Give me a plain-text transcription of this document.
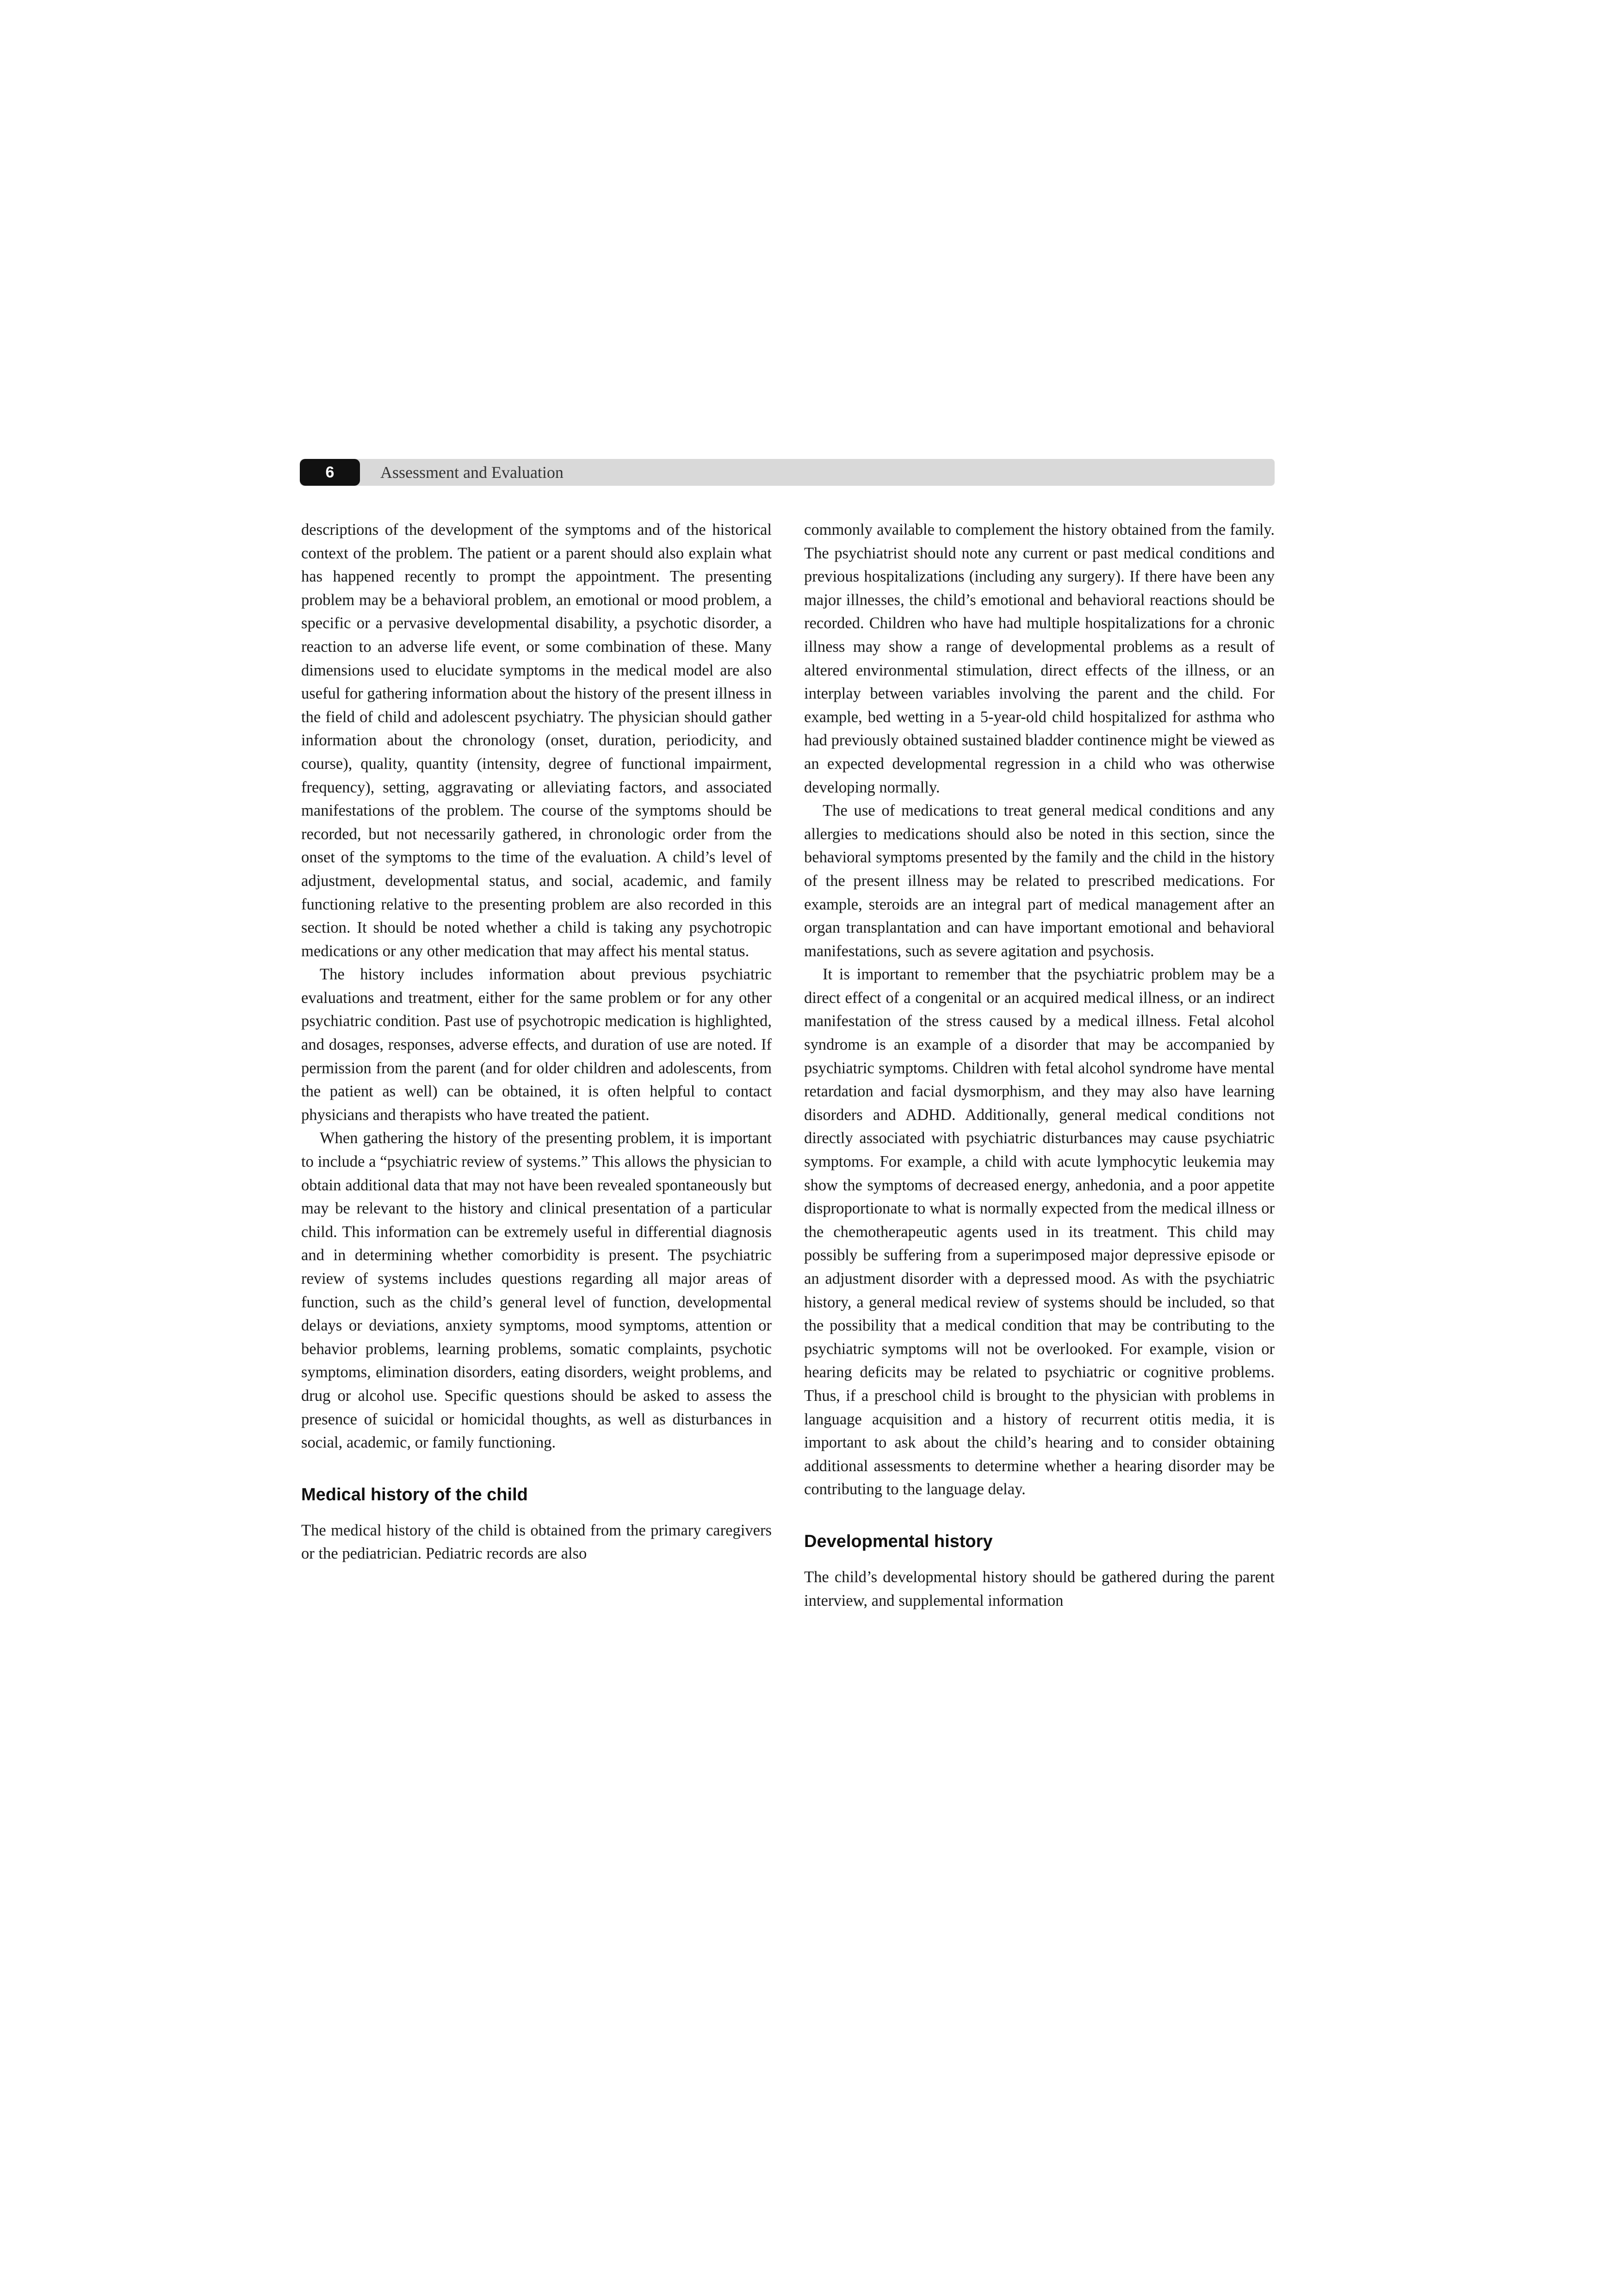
6	Assessment and Evaluation

descriptions of the development of the symptoms and of the historical context of the problem. The patient or a parent should also explain what has happened recently to prompt the appointment. The presenting problem may be a behavioral problem, an emotional or mood problem, a specific or a pervasive developmental disability, a psychotic disorder, a reaction to an adverse life event, or some combination of these. Many dimensions used to elucidate symptoms in the medical model are also useful for gathering information about the history of the present illness in the field of child and adolescent psychiatry. The physician should gather information about the chronology (onset, duration, periodicity, and course), quality, quantity (intensity, degree of functional impairment, frequency), setting, aggravating or alleviating factors, and associated manifestations of the problem. The course of the symptoms should be recorded, but not necessarily gathered, in chronologic order from the onset of the symptoms to the time of the evaluation. A child’s level of adjustment, developmental status, and social, academic, and family functioning relative to the presenting problem are also recorded in this section. It should be noted whether a child is taking any psychotropic medications or any other medication that may affect his mental status.

The history includes information about previous psychiatric evaluations and treatment, either for the same problem or for any other psychiatric condition. Past use of psychotropic medication is highlighted, and dosages, responses, adverse effects, and duration of use are noted. If permission from the parent (and for older children and adolescents, from the patient as well) can be obtained, it is often helpful to contact physicians and therapists who have treated the patient.

When gathering the history of the presenting problem, it is important to include a “psychiatric review of systems.” This allows the physician to obtain additional data that may not have been revealed spontaneously but may be relevant to the history and clinical presentation of a particular child. This information can be extremely useful in differential diagnosis and in determining whether comorbidity is present. The psychiatric review of systems includes questions regarding all major areas of function, such as the child’s general level of function, developmental delays or deviations, anxiety symptoms, mood symptoms, attention or behavior problems, learning problems, somatic complaints, psychotic symptoms, elimination disorders, eating disorders, weight problems, and drug or alcohol use. Specific questions should be asked to assess the presence of suicidal or homicidal thoughts, as well as disturbances in social, academic, or family functioning.

Medical history of the child

The medical history of the child is obtained from the primary caregivers or the pediatrician. Pediatric records are also

commonly available to complement the history obtained from the family. The psychiatrist should note any current or past medical conditions and previous hospitalizations (including any surgery). If there have been any major illnesses, the child’s emotional and behavioral reactions should be recorded. Children who have had multiple hospitalizations for a chronic illness may show a range of developmental problems as a result of altered environmental stimulation, direct effects of the illness, or an interplay between variables involving the parent and the child. For example, bed wetting in a 5-year-old child hospitalized for asthma who had previously obtained sustained bladder continence might be viewed as an expected developmental regression in a child who was otherwise developing normally.

The use of medications to treat general medical conditions and any allergies to medications should also be noted in this section, since the behavioral symptoms presented by the family and the child in the history of the present illness may be related to prescribed medications. For example, steroids are an integral part of medical management after an organ transplantation and can have important emotional and behavioral manifestations, such as severe agitation and psychosis.

It is important to remember that the psychiatric problem may be a direct effect of a congenital or an acquired medical illness, or an indirect manifestation of the stress caused by a medical illness. Fetal alcohol syndrome is an example of a disorder that may be accompanied by psychiatric symptoms. Children with fetal alcohol syndrome have mental retardation and facial dysmorphism, and they may also have learning disorders and ADHD. Additionally, general medical conditions not directly associated with psychiatric disturbances may cause psychiatric symptoms. For example, a child with acute lymphocytic leukemia may show the symptoms of decreased energy, anhedonia, and a poor appetite disproportionate to what is normally expected from the medical illness or the chemotherapeutic agents used in its treatment. This child may possibly be suffering from a superimposed major depressive episode or an adjustment disorder with a depressed mood. As with the psychiatric history, a general medical review of systems should be included, so that the possibility that a medical condition that may be contributing to the psychiatric symptoms will not be overlooked. For example, vision or hearing deficits may be related to psychiatric or cognitive problems. Thus, if a preschool child is brought to the physician with problems in language acquisition and a history of recurrent otitis media, it is important to ask about the child’s hearing and to consider obtaining additional assessments to determine whether a hearing disorder may be contributing to the language delay.

Developmental history

The child’s developmental history should be gathered during the parent interview, and supplemental information
